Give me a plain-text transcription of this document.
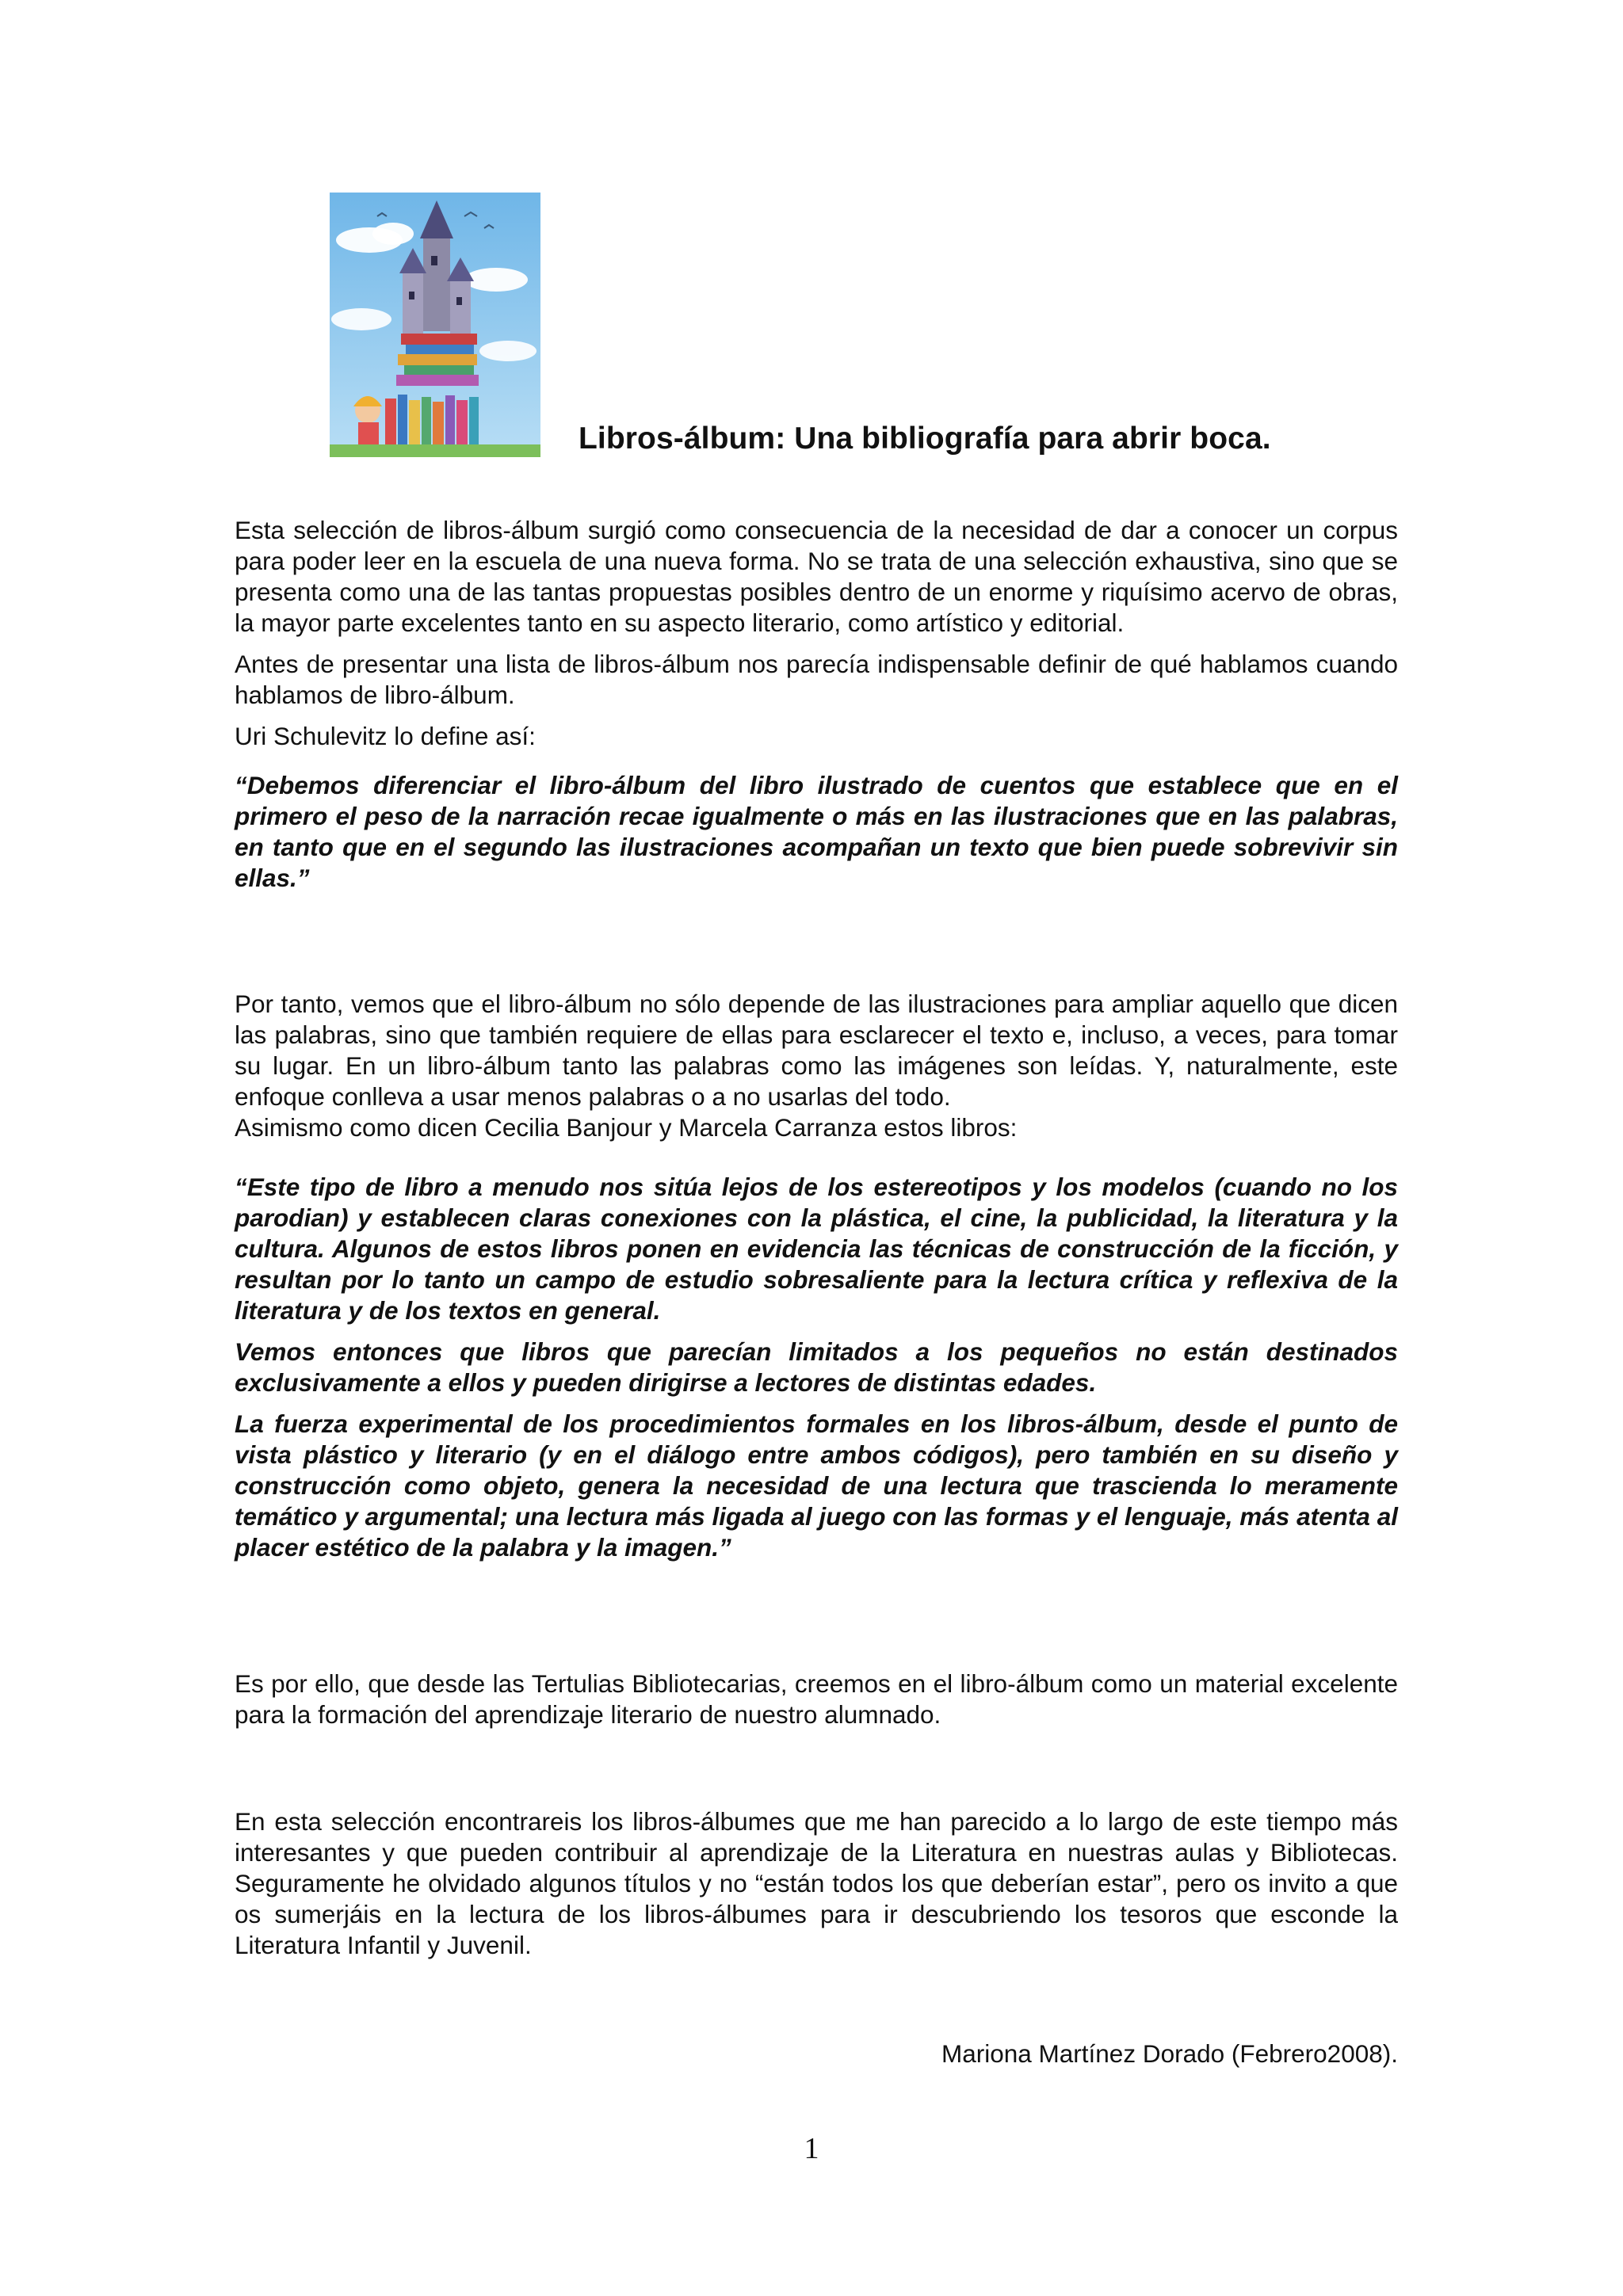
Libros-álbum: Una bibliografía para abrir boca.

Esta selección de libros-álbum surgió como consecuencia de la necesidad de dar a conocer un corpus para poder leer en la escuela de una nueva forma. No se trata de una selección exhaustiva, sino que se presenta como una de las tantas propuestas posibles dentro de un enorme y riquísimo acervo de obras, la mayor parte excelentes tanto en su aspecto literario, como artístico y editorial.

Antes de presentar una lista de libros-álbum nos parecía indispensable definir de qué hablamos cuando hablamos de libro-álbum.

Uri Schulevitz lo define así:

“Debemos diferenciar el libro-álbum del libro ilustrado de cuentos que establece que en el primero el peso de la narración recae igualmente o más en las ilustraciones que en las palabras, en tanto que en el segundo las ilustraciones acompañan un texto que bien puede sobrevivir sin ellas.”

Por tanto, vemos que el libro-álbum no sólo depende de las ilustraciones para ampliar aquello que dicen las palabras, sino que también requiere de ellas para esclarecer el texto e, incluso, a veces, para tomar su lugar. En un libro-álbum tanto las palabras como las imágenes son leídas. Y, naturalmente, este enfoque conlleva a usar menos palabras o a no usarlas del todo.

Asimismo como dicen Cecilia Banjour y Marcela Carranza estos libros:

“Este tipo de libro a menudo nos sitúa lejos de los estereotipos y los modelos (cuando no los parodian) y establecen claras conexiones con la plástica, el cine, la publicidad, la literatura y la cultura. Algunos de estos libros ponen en evidencia las técnicas de construcción de la ficción, y resultan por lo tanto un campo de estudio sobresaliente para la lectura crítica y reflexiva de la literatura y de los textos en general.

Vemos entonces que libros que parecían limitados a los pequeños no están destinados exclusivamente a ellos y pueden dirigirse a lectores de distintas edades.

La fuerza experimental de los procedimientos formales en los libros-álbum, desde el punto de vista plástico y literario (y en el diálogo entre ambos códigos), pero también en su diseño y construcción como objeto, genera la necesidad de una lectura que trascienda lo meramente temático y argumental; una lectura más ligada al juego con las formas y el lenguaje, más atenta al placer estético de la palabra y la imagen.”

Es por ello, que desde las Tertulias Bibliotecarias, creemos en el libro-álbum como un material excelente para la formación del aprendizaje literario de nuestro alumnado.

En esta selección encontrareis los libros-álbumes que me han parecido a lo largo de este tiempo más interesantes y que pueden contribuir al aprendizaje de la Literatura en nuestras aulas y Bibliotecas. Seguramente he olvidado algunos títulos y no “están todos los que deberían estar”, pero os invito a que os sumerjáis en la lectura de los libros-álbumes para ir descubriendo los tesoros que esconde la Literatura Infantil y Juvenil.

Mariona Martínez Dorado (Febrero2008).
1
